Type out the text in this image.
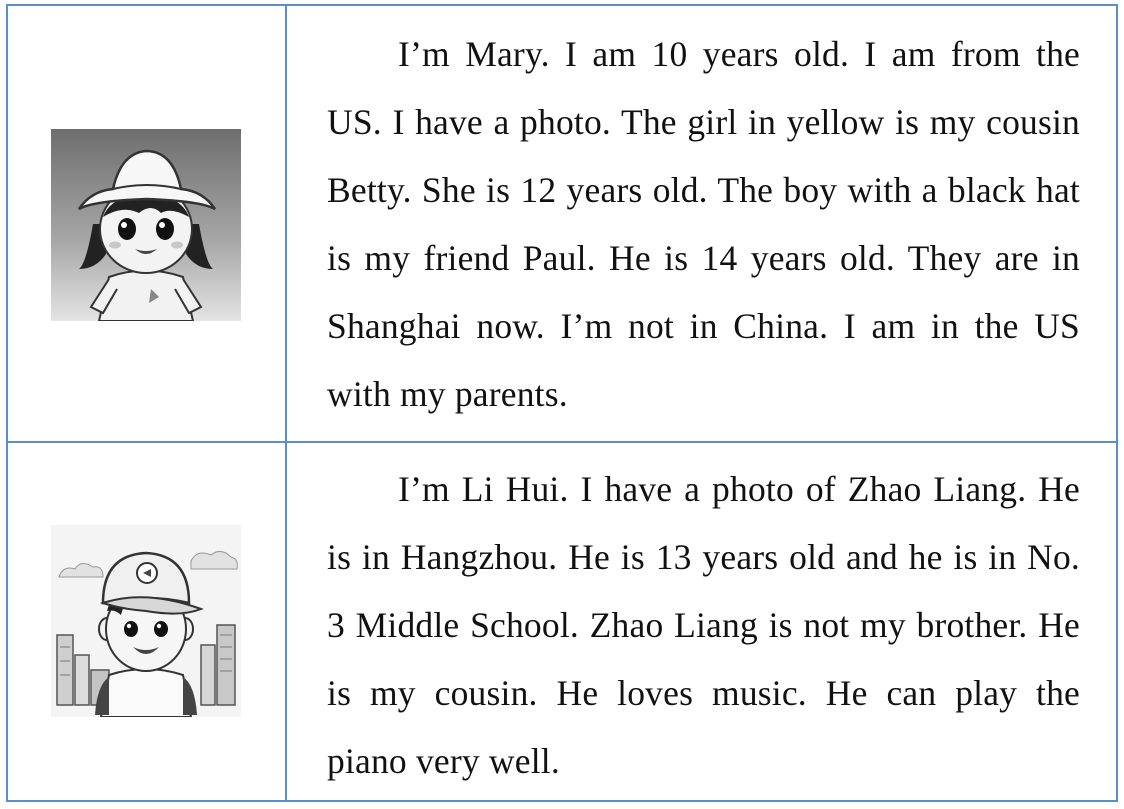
I’m Mary. I am 10 years old. I am from the US. I have a photo. The girl in yellow is my cousin Betty. She is 12 years old. The boy with a black hat is my friend Paul. He is 14 years old. They are in Shanghai now. I’m not in China. I am in the US with my parents.

I’m Li Hui. I have a photo of Zhao Liang. He is in Hangzhou. He is 13 years old and he is in No. 3 Middle School. Zhao Liang is not my brother. He is my cousin. He loves music. He can play the piano very well.
